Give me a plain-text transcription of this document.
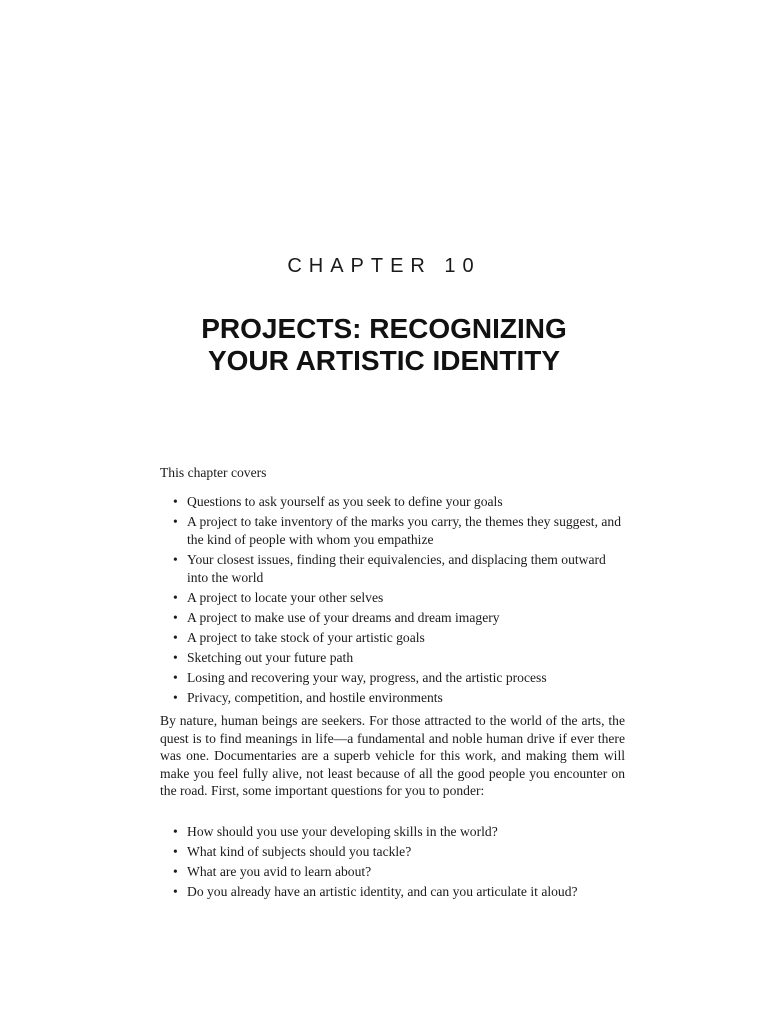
CHAPTER 10
PROJECTS: RECOGNIZING
YOUR ARTISTIC IDENTITY
This chapter covers
• Questions to ask yourself as you seek to define your goals
• A project to take inventory of the marks you carry, the themes they suggest, and the kind of people with whom you empathize
• Your closest issues, finding their equivalencies, and displacing them outward into the world
• A project to locate your other selves
• A project to make use of your dreams and dream imagery
• A project to take stock of your artistic goals
• Sketching out your future path
• Losing and recovering your way, progress, and the artistic process
• Privacy, competition, and hostile environments

By nature, human beings are seekers. For those attracted to the world of the arts, the quest is to find meanings in life—a fundamental and noble human drive if ever there was one. Documentaries are a superb vehicle for this work, and making them will make you feel fully alive, not least because of all the good people you encounter on the road. First, some important questions for you to ponder:

• How should you use your developing skills in the world?
• What kind of subjects should you tackle?
• What are you avid to learn about?
• Do you already have an artistic identity, and can you articulate it aloud?
